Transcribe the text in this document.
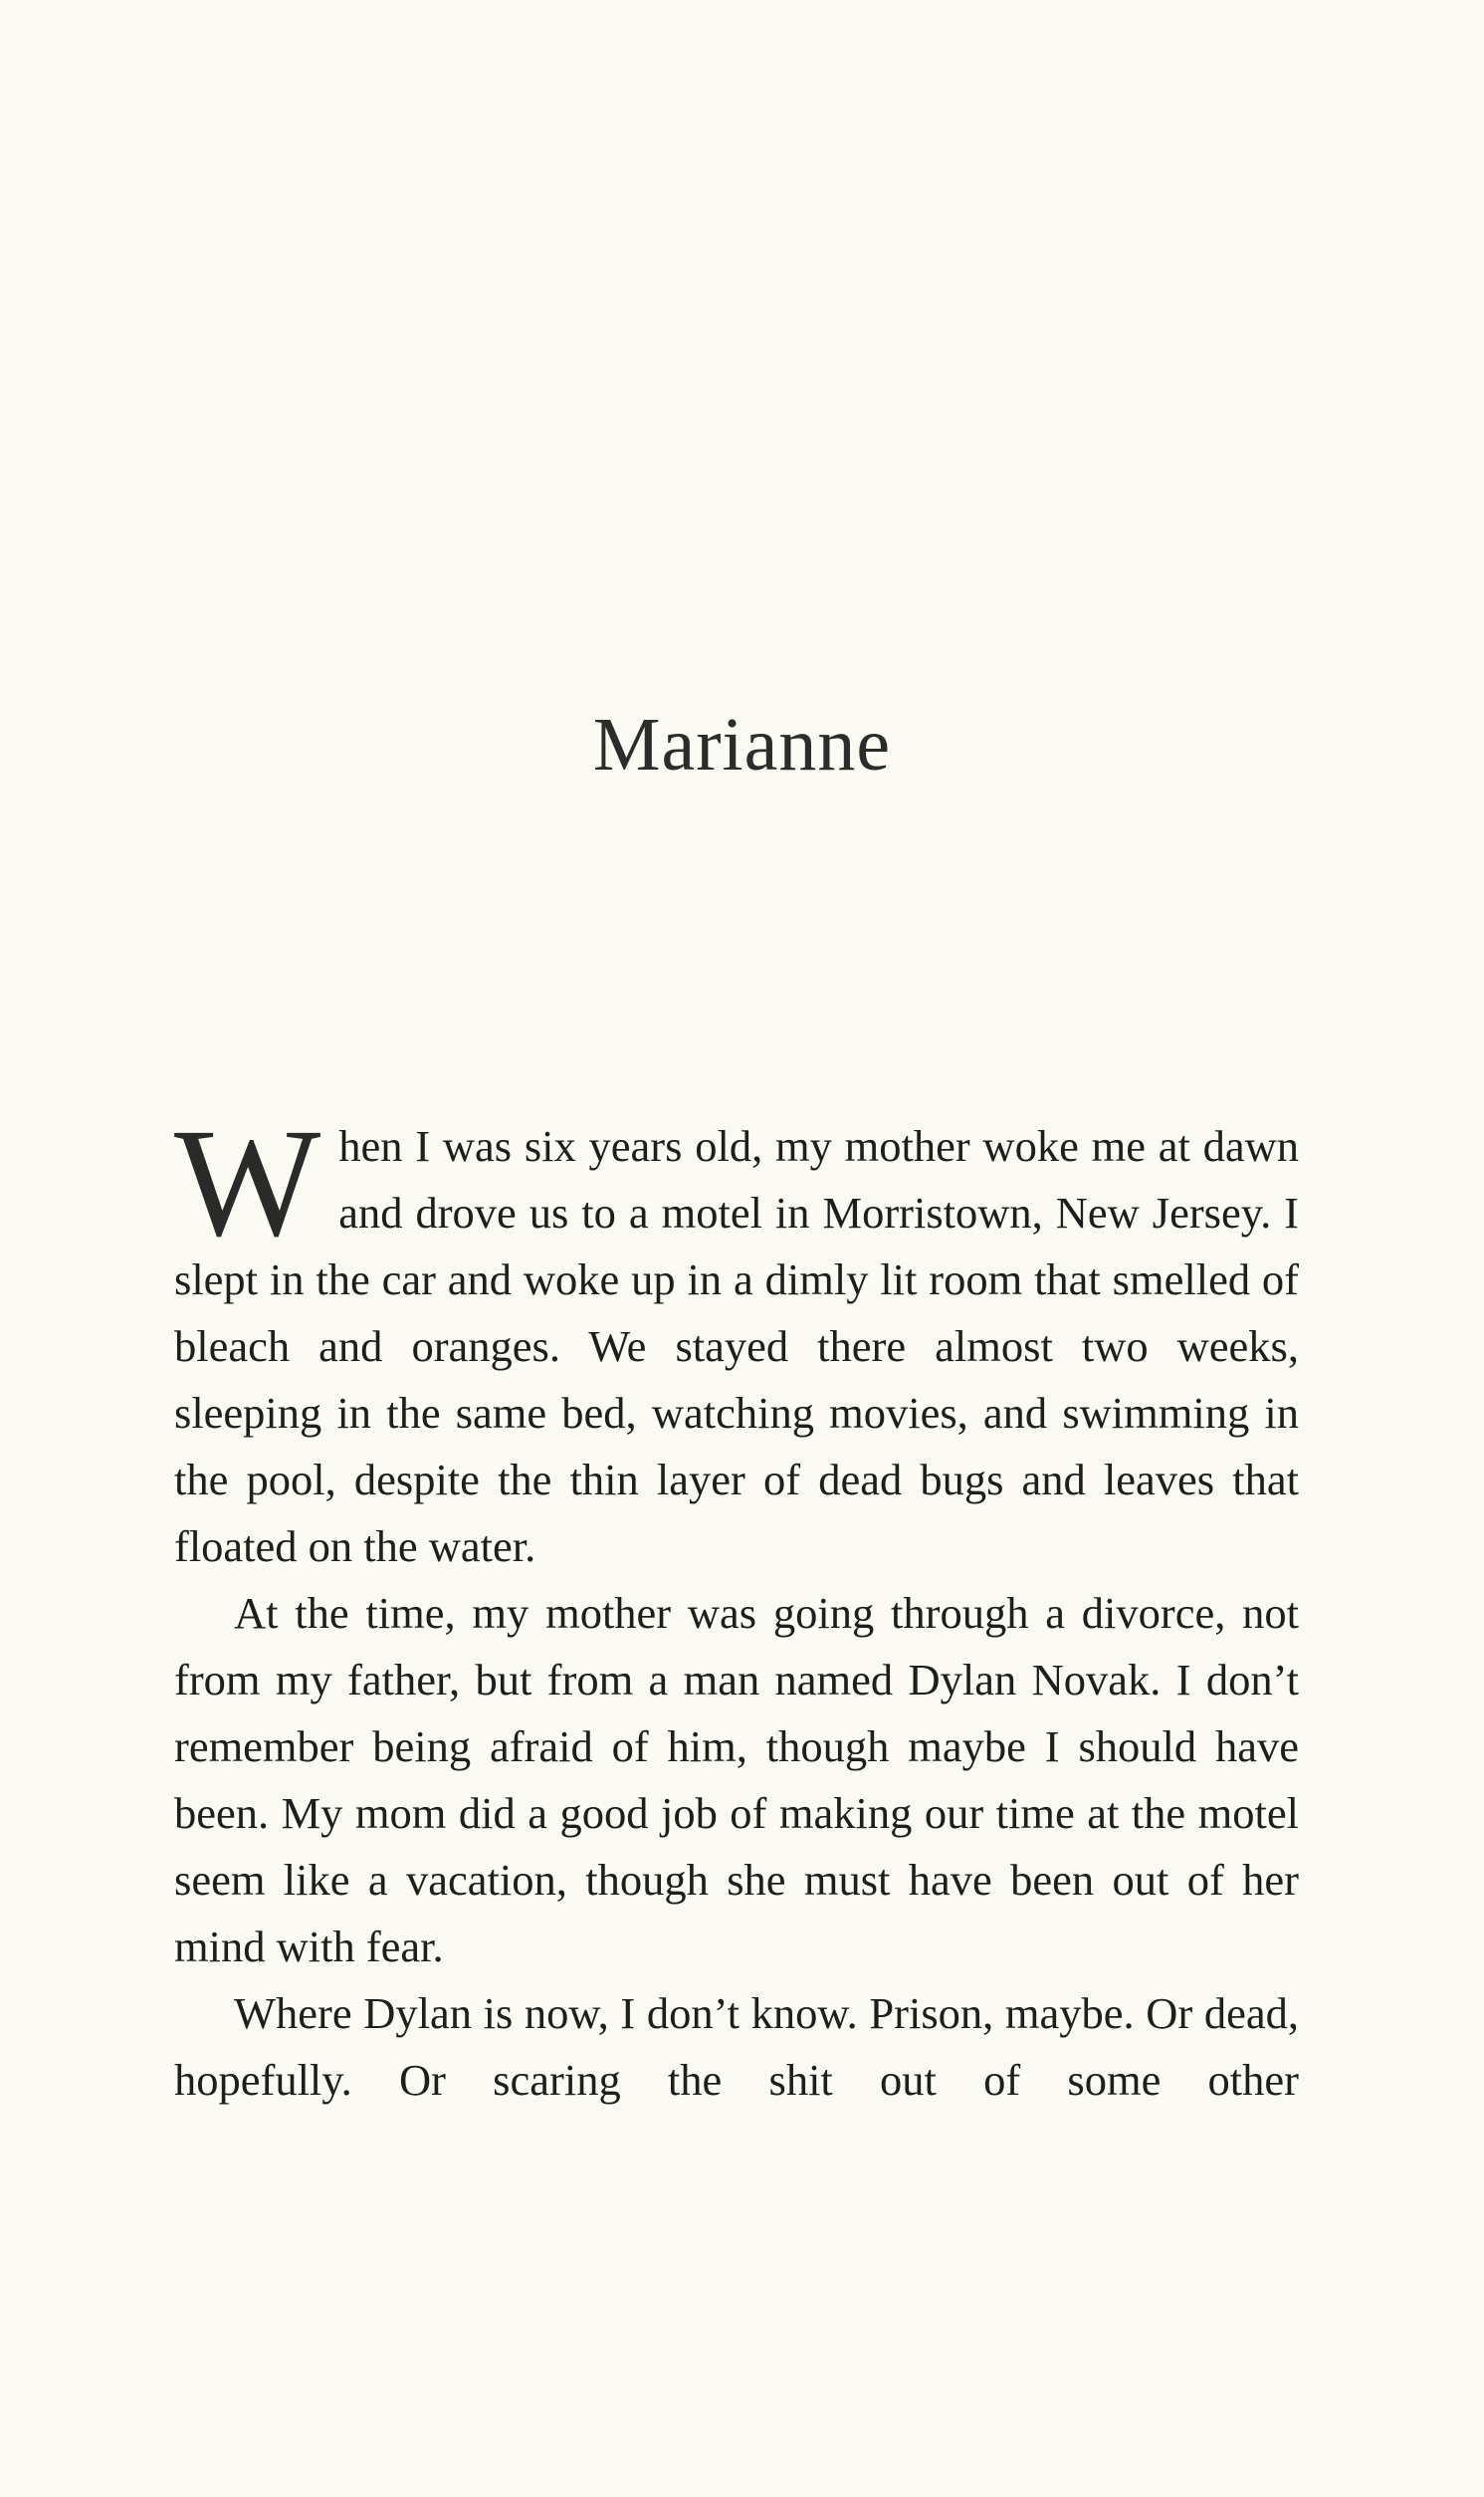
Marianne

When I was six years old, my mother woke me at dawn and drove us to a motel in Morristown, New Jersey. I slept in the car and woke up in a dimly lit room that smelled of bleach and oranges. We stayed there almost two weeks, sleeping in the same bed, watching movies, and swimming in the pool, despite the thin layer of dead bugs and leaves that floated on the water.

At the time, my mother was going through a divorce, not from my father, but from a man named Dylan Novak. I don’t remember being afraid of him, though maybe I should have been. My mom did a good job of making our time at the motel seem like a vacation, though she must have been out of her mind with fear.

Where Dylan is now, I don’t know. Prison, maybe. Or dead, hopefully. Or scaring the shit out of some other
